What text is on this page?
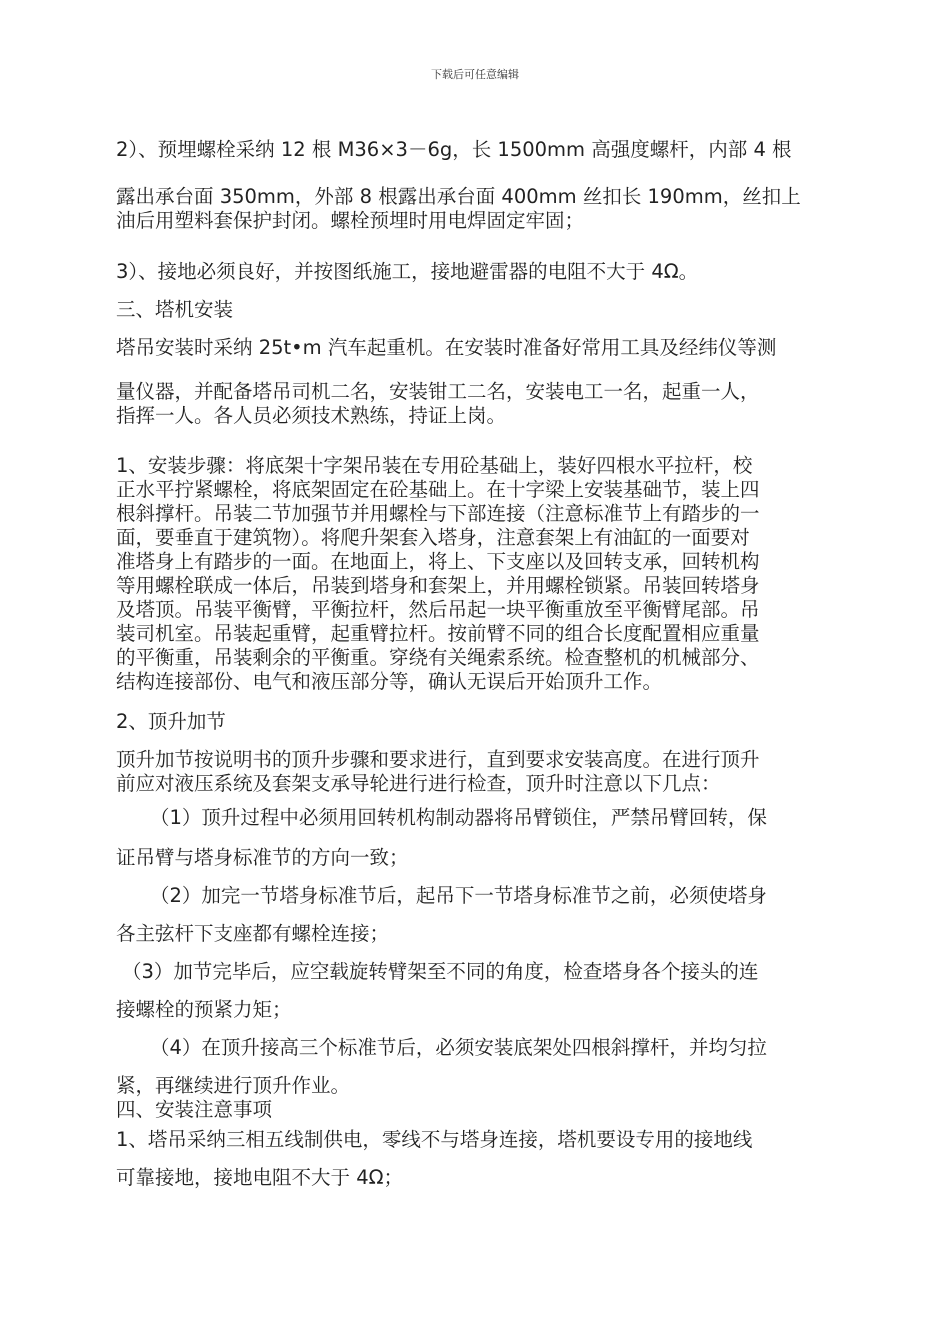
下载后可任意编辑

2）、预埋螺栓采纳 12 根 M36×3－6g，长 1500mm 高强度螺杆，内部 4 根

露出承台面 350mm，外部 8 根露出承台面 400mm 丝扣长 190mm，丝扣上
油后用塑料套保护封闭。螺栓预埋时用电焊固定牢固；

3）、接地必须良好，并按图纸施工，接地避雷器的电阻不大于 4Ω。

三、塔机安装

塔吊安装时采纳 25t•m 汽车起重机。在安装时准备好常用工具及经纬仪等测

量仪器，并配备塔吊司机二名，安装钳工二名，安装电工一名，起重一人，
指挥一人。各人员必须技术熟练，持证上岗。

1、安装步骤：将底架十字架吊装在专用砼基础上，装好四根水平拉杆，校

正水平拧紧螺栓，将底架固定在砼基础上。在十字梁上安装基础节，装上四
根斜撑杆。吊装二节加强节并用螺栓与下部连接（注意标准节上有踏步的一
面，要垂直于建筑物）。将爬升架套入塔身，注意套架上有油缸的一面要对
准塔身上有踏步的一面。在地面上，将上、下支座以及回转支承，回转机构
等用螺栓联成一体后，吊装到塔身和套架上，并用螺栓锁紧。吊装回转塔身
及塔顶。吊装平衡臂，平衡拉杆，然后吊起一块平衡重放至平衡臂尾部。吊
装司机室。吊装起重臂，起重臂拉杆。按前臂不同的组合长度配置相应重量
的平衡重，吊装剩余的平衡重。穿绕有关绳索系统。检查整机的机械部分、
结构连接部份、电气和液压部分等，确认无误后开始顶升工作。

2、顶升加节

顶升加节按说明书的顶升步骤和要求进行，直到要求安装高度。在进行顶升
前应对液压系统及套架支承导轮进行进行检查，顶升时注意以下几点：

（1）顶升过程中必须用回转机构制动器将吊臂锁住，严禁吊臂回转，保

证吊臂与塔身标准节的方向一致；

（2）加完一节塔身标准节后，起吊下一节塔身标准节之前，必须使塔身

各主弦杆下支座都有螺栓连接；

（3）加节完毕后，应空载旋转臂架至不同的角度，检查塔身各个接头的连

接螺栓的预紧力矩；

（4）在顶升接高三个标准节后，必须安装底架处四根斜撑杆，并均匀拉

紧，再继续进行顶升作业。
四、安装注意事项

1、塔吊采纳三相五线制供电，零线不与塔身连接，塔机要设专用的接地线

可靠接地，接地电阻不大于 4Ω；
